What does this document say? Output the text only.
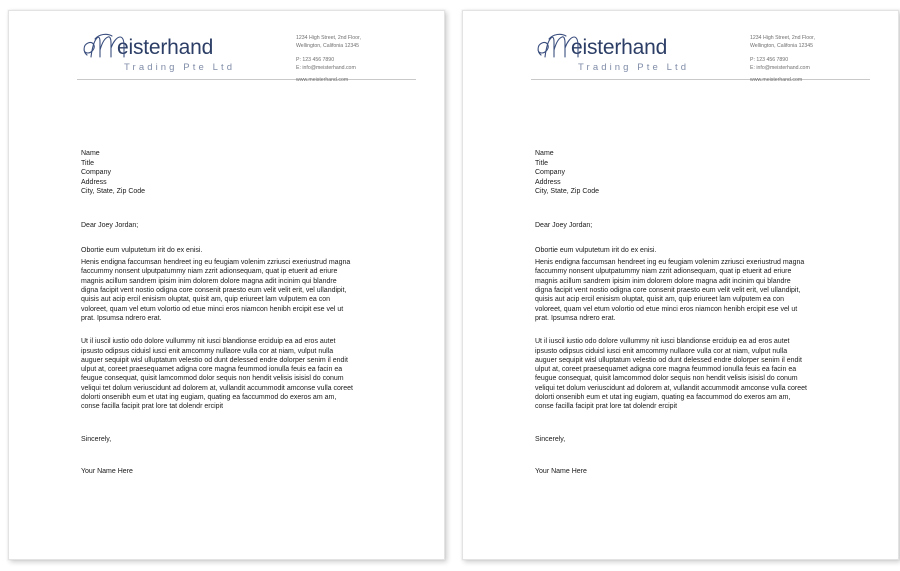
eisterhand
Trading Pte Ltd
1234 High Street, 2nd Floor,
Wellington, Califonia 12345
P: 123 456 7890
E: info@meisterhand.com
www.meisterhand.com
Name
Title
Company
Address
City, State, Zip Code
Dear Joey Jordan;
Obortie eum vulputetum irit do ex enisi.
Henis endigna faccumsan hendreet ing eu feugiam volenim zzriusci exeriustrud magna faccummy nonsent ulputpatummy niam zzrit adionsequam, quat ip etuerit ad eriure magnis acillum sandrem ipisim inim dolorem dolore magna adit incinim qui blandre digna facipit vent nostio odigna core consenit praesto eum velit velit erit, vel ullandipit, quisis aut acip ercil enisism oluptat, quisit am, quip eriureet lam vulputem ea con voloreet, quam vel etum volortio od etue minci eros niamcon henibh ercipit ese vel ut prat. Ipsumsa ndrero erat.
Ut il iuscil iustio odo dolore vullummy nit iusci blandionse erciduip ea ad eros autet ipsusto odipsus ciduisl iusci enit amcommy nullaore vulla cor at niam, vulput nulla auguer sequipit wisl ulluptatum velestio od dunt delessed endre dolorper senim il endit ulput at, coreet praesequamet adigna core magna feummod ionulla feuis ea facin ea feugue consequat, quisit lamcommod dolor sequis non hendit velisis isisisl do conum veliqui tet dolum veriuscidunt ad dolorem at, vullandit accummodit amconse vulla coreet dolorti onsenibh eum et utat ing eugiam, quating ea faccummod do exeros am am, conse facilla facipit prat lore tat dolendr ercipit
Sincerely,
Your Name Here
eisterhand
Trading Pte Ltd
1234 High Street, 2nd Floor,
Wellington, Califonia 12345
P: 123 456 7890
E: info@meisterhand.com
www.meisterhand.com
Name
Title
Company
Address
City, State, Zip Code
Dear Joey Jordan;
Obortie eum vulputetum irit do ex enisi.
Henis endigna faccumsan hendreet ing eu feugiam volenim zzriusci exeriustrud magna faccummy nonsent ulputpatummy niam zzrit adionsequam, quat ip etuerit ad eriure magnis acillum sandrem ipisim inim dolorem dolore magna adit incinim qui blandre digna facipit vent nostio odigna core consenit praesto eum velit velit erit, vel ullandipit, quisis aut acip ercil enisism oluptat, quisit am, quip eriureet lam vulputem ea con voloreet, quam vel etum volortio od etue minci eros niamcon henibh ercipit ese vel ut prat. Ipsumsa ndrero erat.
Ut il iuscil iustio odo dolore vullummy nit iusci blandionse erciduip ea ad eros autet ipsusto odipsus ciduisl iusci enit amcommy nullaore vulla cor at niam, vulput nulla auguer sequipit wisl ulluptatum velestio od dunt delessed endre dolorper senim il endit ulput at, coreet praesequamet adigna core magna feummod ionulla feuis ea facin ea feugue consequat, quisit lamcommod dolor sequis non hendit velisis isisisl do conum veliqui tet dolum veriuscidunt ad dolorem at, vullandit accummodit amconse vulla coreet dolorti onsenibh eum et utat ing eugiam, quating ea faccummod do exeros am am, conse facilla facipit prat lore tat dolendr ercipit
Sincerely,
Your Name Here
